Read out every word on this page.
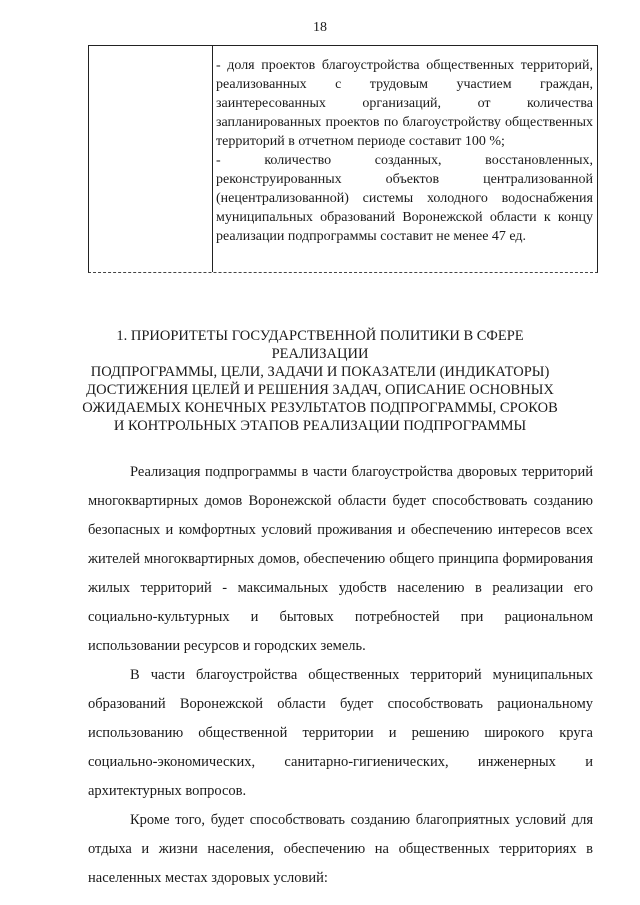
18

- доля проектов благоустройства общественных территорий, реализованных с трудовым участием граждан, заинтересованных организаций, от количества запланированных проектов по благоустройству общественных территорий в отчетном периоде составит 100 %;

- количество созданных, восстановленных, реконструированных объектов централизованной (нецентрализованной) системы холодного водоснабжения муниципальных образований Воронежской области к концу реализации подпрограммы составит не менее 47 ед.

1. ПРИОРИТЕТЫ ГОСУДАРСТВЕННОЙ ПОЛИТИКИ В СФЕРЕ
РЕАЛИЗАЦИИ
ПОДПРОГРАММЫ, ЦЕЛИ, ЗАДАЧИ И ПОКАЗАТЕЛИ (ИНДИКАТОРЫ)
ДОСТИЖЕНИЯ ЦЕЛЕЙ И РЕШЕНИЯ ЗАДАЧ, ОПИСАНИЕ ОСНОВНЫХ
ОЖИДАЕМЫХ КОНЕЧНЫХ РЕЗУЛЬТАТОВ ПОДПРОГРАММЫ, СРОКОВ
И КОНТРОЛЬНЫХ ЭТАПОВ РЕАЛИЗАЦИИ ПОДПРОГРАММЫ

Реализация подпрограммы в части благоустройства дворовых территорий многоквартирных домов Воронежской области будет способствовать созданию безопасных и комфортных условий проживания и обеспечению интересов всех жителей многоквартирных домов, обеспечению общего принципа формирования жилых территорий - максимальных удобств населению в реализации его социально-культурных и бытовых потребностей при рациональном использовании ресурсов и городских земель.

В части благоустройства общественных территорий муниципальных образований Воронежской области будет способствовать рациональному использованию общественной территории и решению широкого круга социально-экономических, санитарно-гигиенических, инженерных и архитектурных вопросов.

Кроме того, будет способствовать созданию благоприятных условий для отдыха и жизни населения, обеспечению на общественных территориях в населенных местах здоровых условий:
